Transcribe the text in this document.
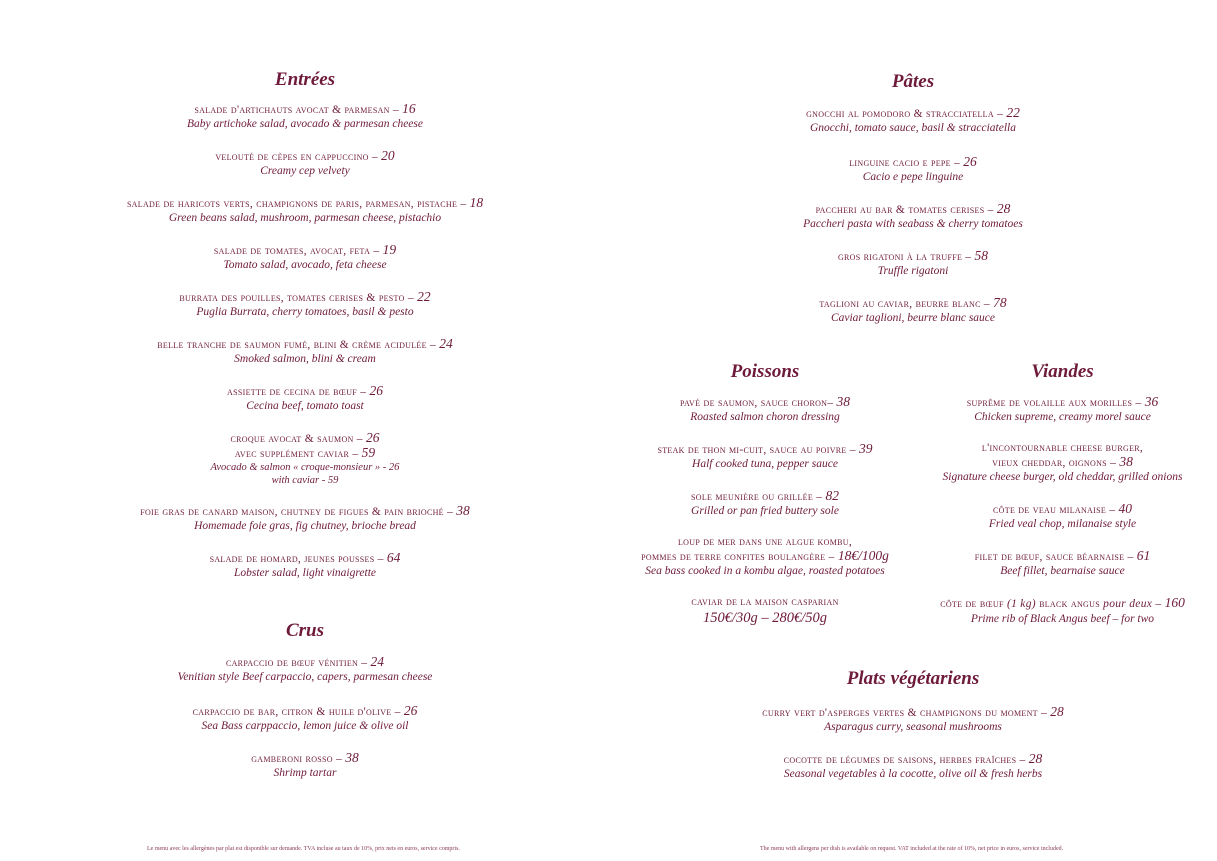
Entrées
salade d'artichauts avocat & parmesan – 16
Baby artichoke salad, avocado & parmesan cheese
velouté de cèpes en cappuccino – 20
Creamy cep velvety
salade de haricots verts, champignons de paris, parmesan, pistache – 18
Green beans salad, mushroom, parmesan cheese, pistachio
salade de tomates, avocat, feta – 19
Tomato salad, avocado, feta cheese
burrata des pouilles, tomates cerises & pesto – 22
Puglia Burrata, cherry tomatoes, basil & pesto
belle tranche de saumon fumé, blini & crème acidulée – 24
Smoked salmon, blini & cream
assiette de cecina de bœuf – 26
Cecina beef, tomato toast
croque avocat & saumon – 26
avec supplément caviar – 59
Avocado & salmon « croque-monsieur » - 26
with caviar - 59
foie gras de canard maison, chutney de figues & pain brioché – 38
Homemade foie gras, fig chutney, brioche bread
salade de homard, jeunes pousses – 64
Lobster salad, light vinaigrette
Crus
carpaccio de bœuf vénitien – 24
Venitian style Beef carpaccio, capers, parmesan cheese
carpaccio de bar, citron & huile d'olive – 26
Sea Bass carppaccio, lemon juice & olive oil
gamberoni rosso – 38
Shrimp tartar
Pâtes
gnocchi al pomodoro & stracciatella – 22
Gnocchi, tomato sauce, basil & stracciatella
linguine cacio e pepe – 26
Cacio e pepe linguine
paccheri au bar & tomates cerises – 28
Paccheri pasta with seabass & cherry tomatoes
gros rigatoni à la truffe – 58
Truffle rigatoni
taglioni au caviar, beurre blanc – 78
Caviar taglioni, beurre blanc sauce
Poissons
pavé de saumon, sauce choron– 38
Roasted salmon choron dressing
steak de thon mi-cuit, sauce au poivre – 39
Half cooked tuna, pepper sauce
sole meunière ou grillée – 82
Grilled or pan fried buttery sole
loup de mer dans une algue kombu,
pommes de terre confites boulangère – 18€/100g
Sea bass cooked in a kombu algae, roasted potatoes
caviar de la maison casparian
150€/30g – 280€/50g
Viandes
suprême de volaille aux morilles – 36
Chicken supreme, creamy morel sauce
l'incontournable cheese burger,
vieux cheddar, oignons – 38
Signature cheese burger, old cheddar, grilled onions
côte de veau milanaise – 40
Fried veal chop, milanaise style
filet de bœuf, sauce béarnaise – 61
Beef fillet, bearnaise sauce
côte de bœuf (1 kg) black angus pour deux – 160
Prime rib of Black Angus beef – for two
Plats végétariens
curry vert d'asperges vertes & champignons du moment – 28
Asparagus curry, seasonal mushrooms
cocotte de légumes de saisons, herbes fraîches – 28
Seasonal vegetables à la cocotte, olive oil & fresh herbs
Le menu avec les allergènes par plat est disponible sur demande. TVA incluse au taux de 10%, prix nets en euros, service compris.	The menu with allergens per dish is available on request. VAT included at the rate of 10%, net price in euros, service included.
